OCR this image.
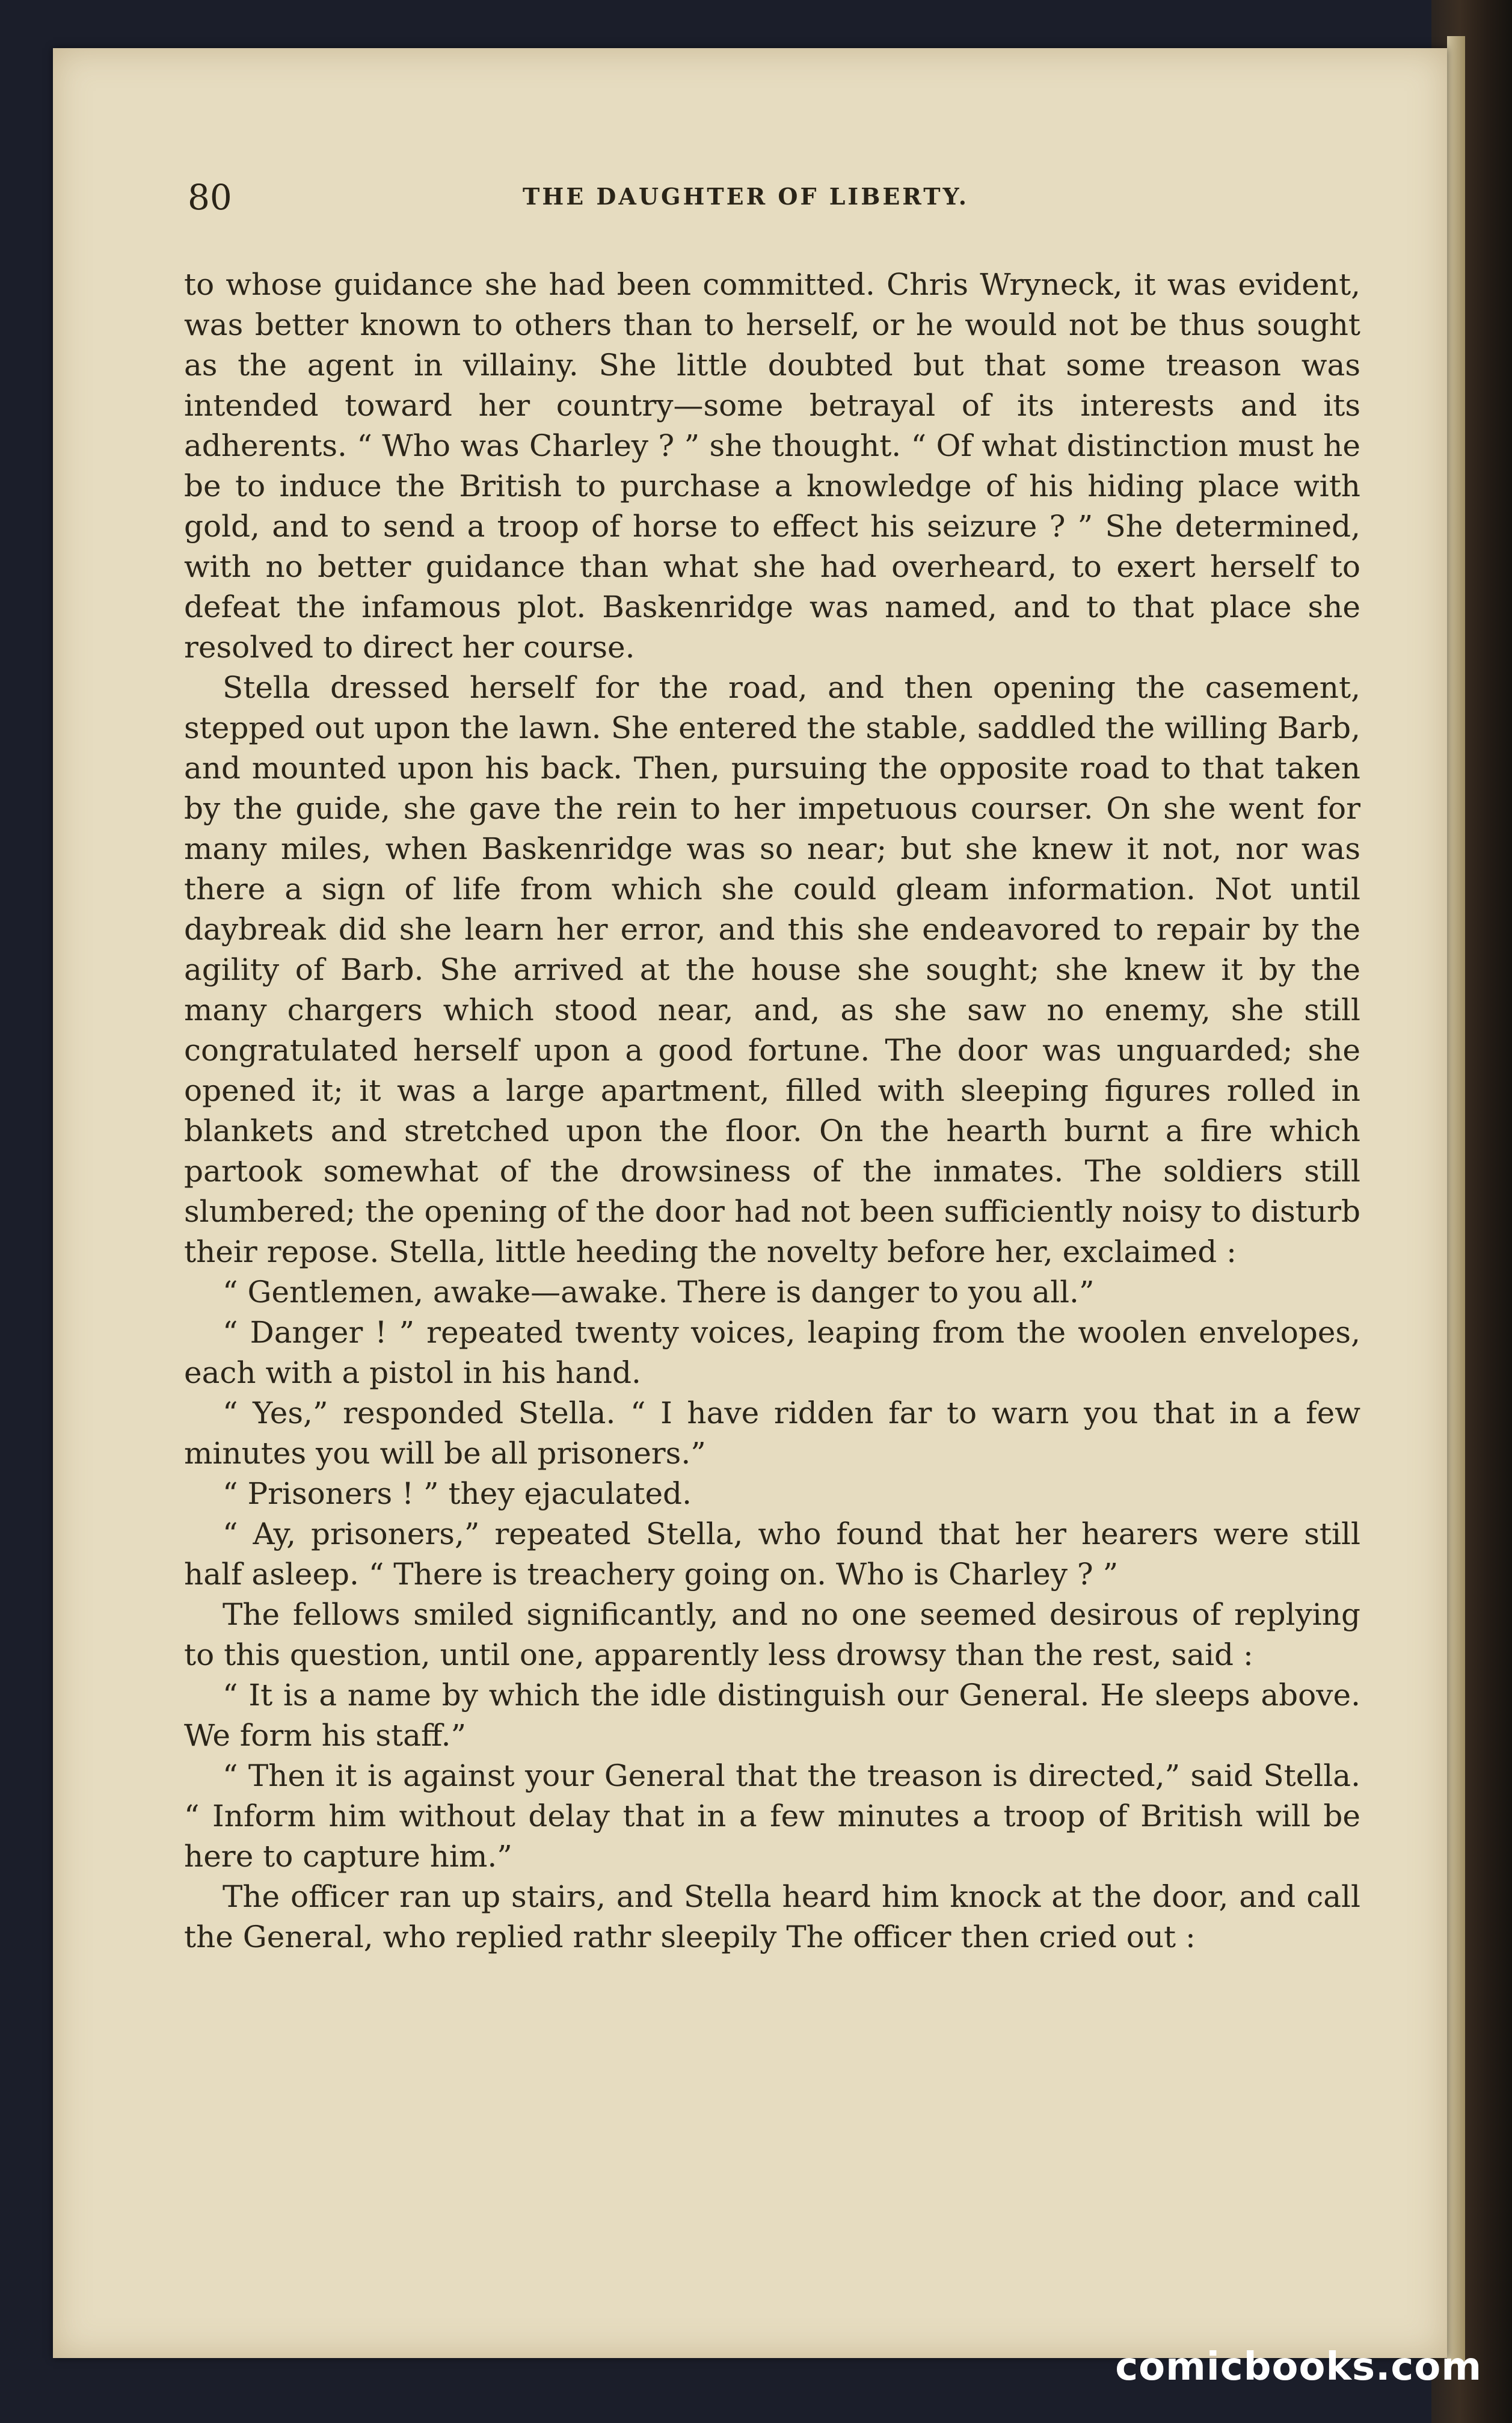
80	THE DAUGHTER OF LIBERTY.

to whose guidance she had been committed. Chris Wryneck, it was evident, was better known to others than to herself, or he would not be thus sought as the agent in villainy. She little doubted but that some treason was intended toward her country—some betrayal of its interests and its adherents. “ Who was Charley ? ” she thought. “ Of what distinction must he be to induce the British to purchase a knowledge of his hiding place with gold, and to send a troop of horse to effect his seizure ? ” She determined, with no better guidance than what she had overheard, to exert herself to defeat the infamous plot. Baskenridge was named, and to that place she resolved to direct her course.

Stella dressed herself for the road, and then opening the casement, stepped out upon the lawn. She entered the stable, saddled the willing Barb, and mounted upon his back. Then, pursuing the opposite road to that taken by the guide, she gave the rein to her impetuous courser. On she went for many miles, when Baskenridge was so near; but she knew it not, nor was there a sign of life from which she could gleam information. Not until daybreak did she learn her error, and this she endeavored to repair by the agility of Barb. She arrived at the house she sought; she knew it by the many chargers which stood near, and, as she saw no enemy, she still congratulated herself upon a good fortune. The door was unguarded; she opened it; it was a large apartment, filled with sleeping figures rolled in blankets and stretched upon the floor. On the hearth burnt a fire which partook somewhat of the drowsiness of the inmates. The soldiers still slumbered; the opening of the door had not been sufficiently noisy to disturb their repose. Stella, little heeding the novelty before her, exclaimed :

“ Gentlemen, awake—awake. There is danger to you all.”

“ Danger ! ” repeated twenty voices, leaping from the woolen envelopes, each with a pistol in his hand.

“ Yes,” responded Stella. “ I have ridden far to warn you that in a few minutes you will be all prisoners.”

“ Prisoners ! ” they ejaculated.

“ Ay, prisoners,” repeated Stella, who found that her hearers were still half asleep. “ There is treachery going on. Who is Charley ? ”

The fellows smiled significantly, and no one seemed desirous of replying to this question, until one, apparently less drowsy than the rest, said :

“ It is a name by which the idle distinguish our General. He sleeps above. We form his staff.”

“ Then it is against your General that the treason is directed,” said Stella. “ Inform him without delay that in a few minutes a troop of British will be here to capture him.”

The officer ran up stairs, and Stella heard him knock at the door, and call the General, who replied rathr sleepily The officer then cried out :

comicbooks.com
